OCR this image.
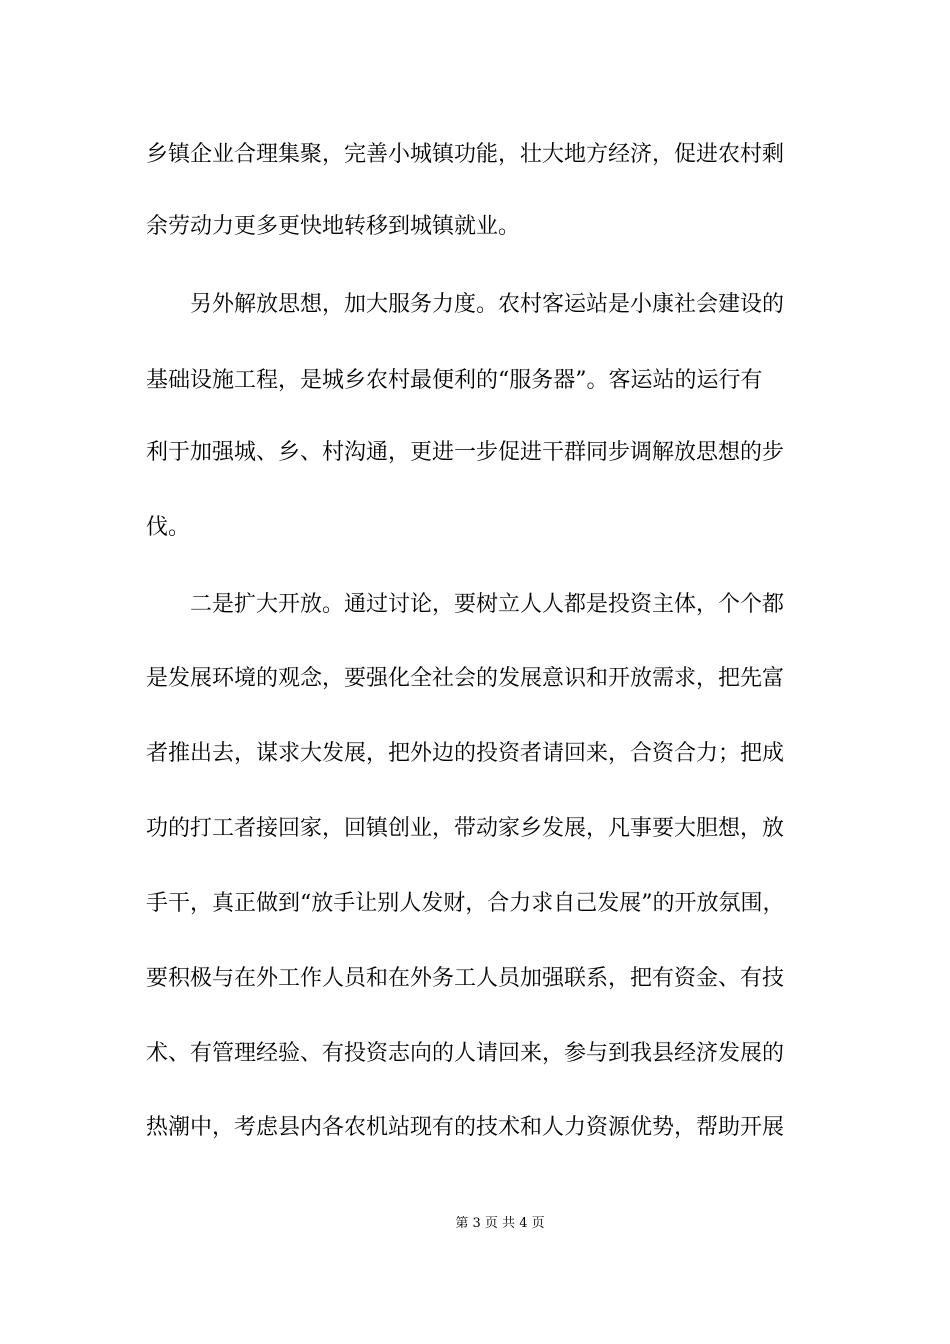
乡镇企业合理集聚，完善小城镇功能，壮大地方经济，促进农村剩

余劳动力更多更快地转移到城镇就业。

另外解放思想，加大服务力度。农村客运站是小康社会建设的

基础设施工程，是城乡农村最便利的“服务器”。客运站的运行有

利于加强城、乡、村沟通，更进一步促进干群同步调解放思想的步

伐。

二是扩大开放。通过讨论，要树立人人都是投资主体，个个都

是发展环境的观念，要强化全社会的发展意识和开放需求，把先富

者推出去，谋求大发展，把外边的投资者请回来，合资合力；把成

功的打工者接回家，回镇创业，带动家乡发展，凡事要大胆想，放

手干，真正做到“放手让别人发财，合力求自己发展”的开放氛围，

要积极与在外工作人员和在外务工人员加强联系，把有资金、有技

术、有管理经验、有投资志向的人请回来，参与到我县经济发展的

热潮中，考虑县内各农机站现有的技术和人力资源优势，帮助开展

第 3 页 共 4 页
